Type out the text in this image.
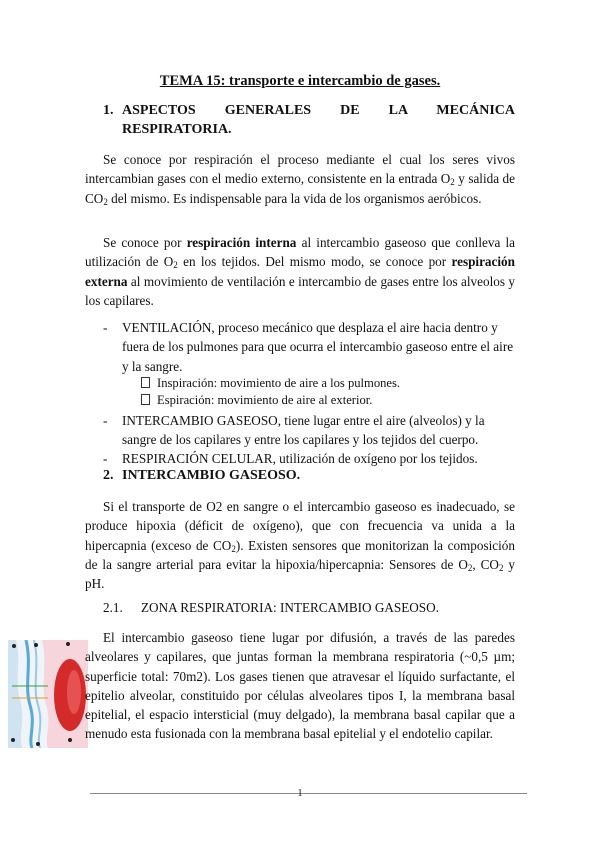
TEMA 15: transporte e intercambio de gases.
1. ASPECTOS GENERALES DE LA MECÁNICA
RESPIRATORIA.

Se conoce por respiración el proceso mediante el cual los seres vivos intercambian gases con el medio externo, consistente en la entrada $O_2$ y salida de $CO_2$ del mismo. Es indispensable para la vida de los organismos aeróbicos.

Se conoce por respiración interna al intercambio gaseoso que conlleva la utilización de $O_2$ en los tejidos. Del mismo modo, se conoce por respiración externa al movimiento de ventilación e intercambio de gases entre los alveolos y los capilares.

- VENTILACIÓN, proceso mecánico que desplaza el aire hacia dentro y fuera de los pulmones para que ocurra el intercambio gaseoso entre el aire y la sangre.
Inspiración: movimiento de aire a los pulmones.
Espiración: movimiento de aire al exterior.
- INTERCAMBIO GASEOSO, tiene lugar entre el aire (alveolos) y la sangre de los capilares y entre los capilares y los tejidos del cuerpo.
- RESPIRACIÓN CELULAR, utilización de oxígeno por los tejidos.
2. INTERCAMBIO GASEOSO.

Si el transporte de O2 en sangre o el intercambio gaseoso es inadecuado, se produce hipoxia (déficit de oxígeno), que con frecuencia va unida a la hipercapnia (exceso de $CO_2$). Existen sensores que monitorizan la composición de la sangre arterial para evitar la hipoxia/hipercapnia: Sensores de $O_2$, $CO_2$ y pH.

2.1. ZONA RESPIRATORIA: INTERCAMBIO GASEOSO.

El intercambio gaseoso tiene lugar por difusión, a través de las paredes alveolares y capilares, que juntas forman la membrana respiratoria (~0,5 µm; superficie total: 70m2). Los gases tienen que atravesar el líquido surfactante, el epitelio alveolar, constituido por células alveolares tipos I, la membrana basal epitelial, el espacio intersticial (muy delgado), la membrana basal capilar que a menudo esta fusionada con la membrana basal epitelial y el endotelio capilar.

1
